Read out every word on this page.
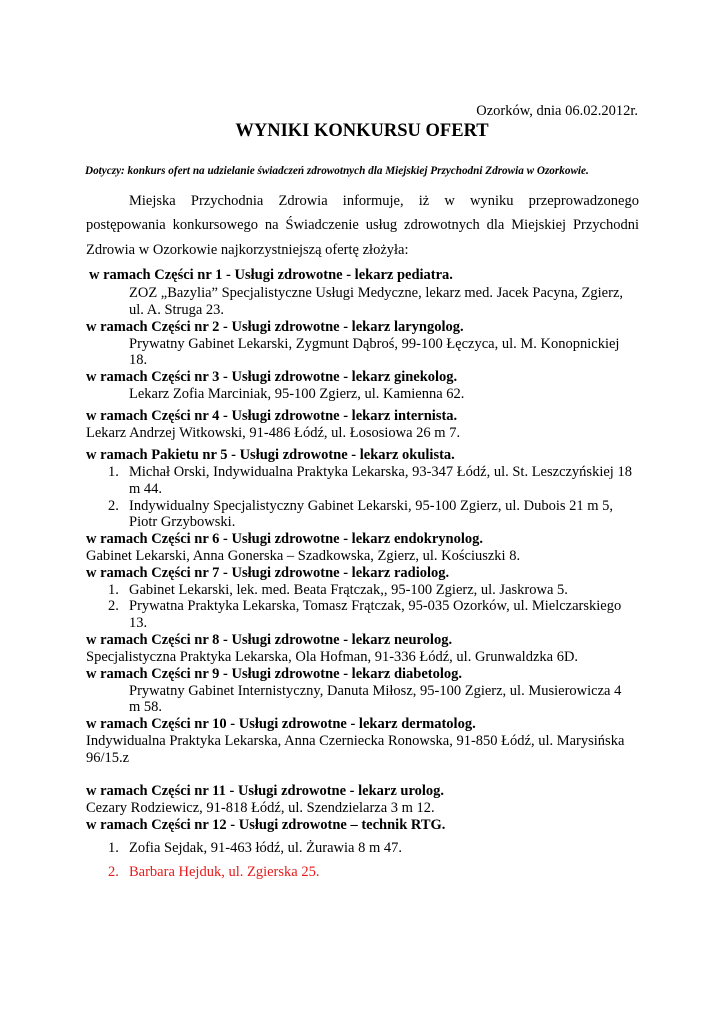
Ozorków, dnia 06.02.2012r.
WYNIKI KONKURSU OFERT
Dotyczy: konkurs ofert na udzielanie świadczeń zdrowotnych dla Miejskiej Przychodni Zdrowia w Ozorkowie.
Miejska Przychodnia Zdrowia informuje, iż w wyniku przeprowadzonego
postępowania konkursowego na Świadczenie usług zdrowotnych dla Miejskiej Przychodni
Zdrowia w Ozorkowie najkorzystniejszą ofertę złożyła:
w ramach Części nr 1 - Usługi zdrowotne - lekarz pediatra.
ZOZ „Bazylia” Specjalistyczne Usługi Medyczne, lekarz med. Jacek Pacyna, Zgierz,
ul. A. Struga 23.
w ramach Części nr 2 - Usługi zdrowotne - lekarz laryngolog.
Prywatny Gabinet Lekarski, Zygmunt Dąbroś, 99-100 Łęczyca, ul. M. Konopnickiej
18.
w ramach Części nr 3 - Usługi zdrowotne - lekarz ginekolog.
Lekarz Zofia Marciniak, 95-100 Zgierz, ul. Kamienna 62.
w ramach Części nr 4 - Usługi zdrowotne - lekarz internista.
Lekarz Andrzej Witkowski, 91-486 Łódź, ul. Łososiowa 26 m 7.
w ramach Pakietu nr 5 - Usługi zdrowotne - lekarz okulista.
1. Michał Orski, Indywidualna Praktyka Lekarska, 93-347 Łódź, ul. St. Leszczyńskiej 18
m 44.
2. Indywidualny Specjalistyczny Gabinet Lekarski, 95-100 Zgierz, ul. Dubois 21 m 5,
Piotr Grzybowski.
w ramach Części nr 6 - Usługi zdrowotne - lekarz endokrynolog.
Gabinet Lekarski, Anna Gonerska – Szadkowska, Zgierz, ul. Kościuszki 8.
w ramach Części nr 7 - Usługi zdrowotne - lekarz radiolog.
1. Gabinet Lekarski, lek. med. Beata Frątczak,, 95-100 Zgierz, ul. Jaskrowa 5.
2. Prywatna Praktyka Lekarska, Tomasz Frątczak, 95-035 Ozorków, ul. Mielczarskiego
13.
w ramach Części nr 8 - Usługi zdrowotne - lekarz neurolog.
Specjalistyczna Praktyka Lekarska, Ola Hofman, 91-336 Łódź, ul. Grunwaldzka 6D.
w ramach Części nr 9 - Usługi zdrowotne - lekarz diabetolog.
Prywatny Gabinet Internistyczny, Danuta Miłosz, 95-100 Zgierz, ul. Musierowicza 4
m 58.
w ramach Części nr 10 - Usługi zdrowotne - lekarz dermatolog.
Indywidualna Praktyka Lekarska, Anna Czerniecka Ronowska, 91-850 Łódź, ul. Marysińska
96/15.z
w ramach Części nr 11 - Usługi zdrowotne - lekarz urolog.
Cezary Rodziewicz, 91-818 Łódź, ul. Szendzielarza 3 m 12.
w ramach Części nr 12 - Usługi zdrowotne – technik RTG.
1. Zofia Sejdak, 91-463 łódź, ul. Żurawia 8 m 47.
2. Barbara Hejduk, ul. Zgierska 25.
